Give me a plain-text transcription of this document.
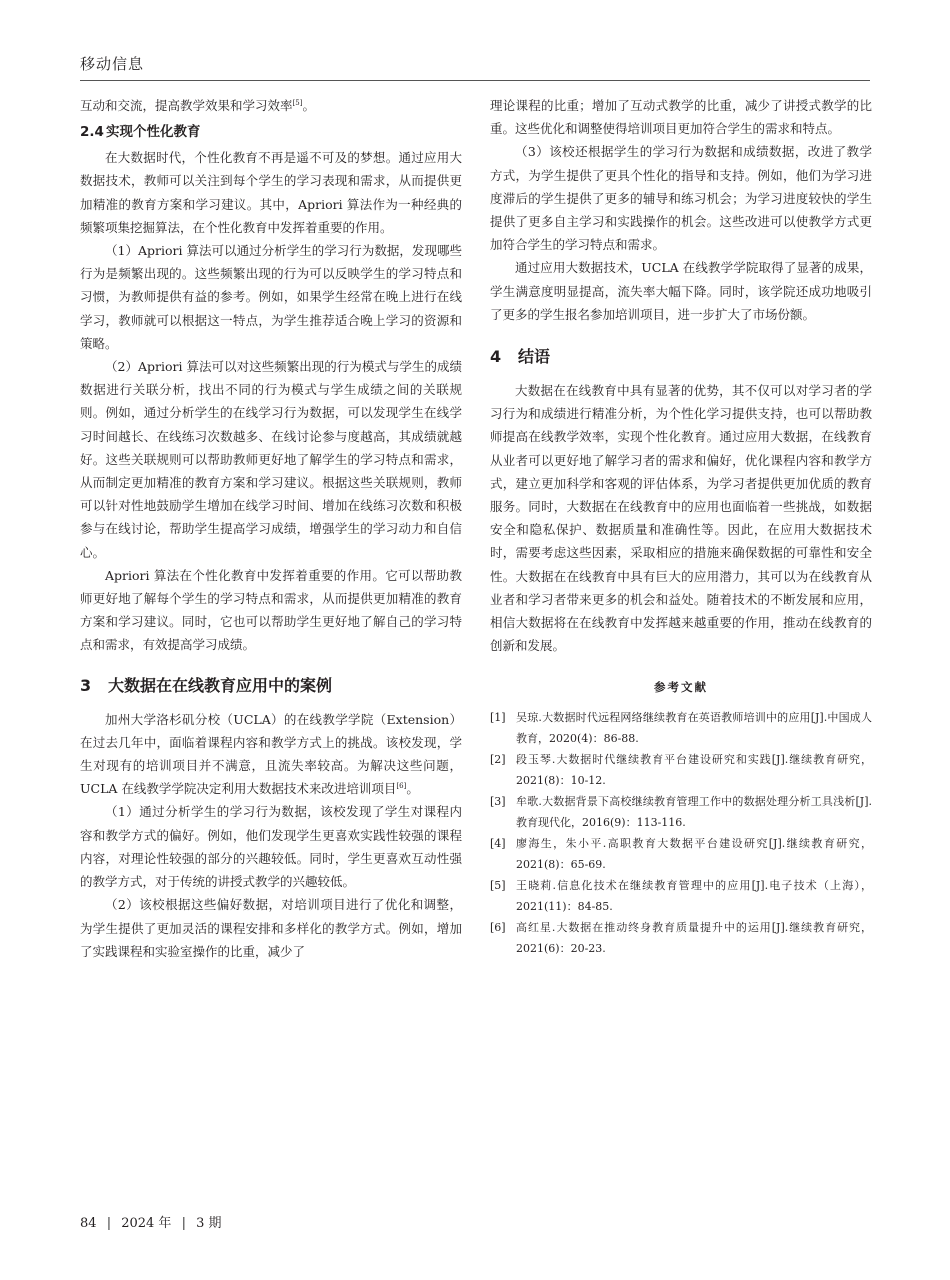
移动信息

互动和交流，提高教学效果和学习效率[5]。

2.4 实现个性化教育

在大数据时代，个性化教育不再是遥不可及的梦想。通过应用大数据技术，教师可以关注到每个学生的学习表现和需求，从而提供更加精准的教育方案和学习建议。其中，Apriori 算法作为一种经典的频繁项集挖掘算法，在个性化教育中发挥着重要的作用。

（1）Apriori 算法可以通过分析学生的学习行为数据，发现哪些行为是频繁出现的。这些频繁出现的行为可以反映学生的学习特点和习惯，为教师提供有益的参考。例如，如果学生经常在晚上进行在线学习，教师就可以根据这一特点，为学生推荐适合晚上学习的资源和策略。

（2）Apriori 算法可以对这些频繁出现的行为模式与学生的成绩数据进行关联分析，找出不同的行为模式与学生成绩之间的关联规则。例如，通过分析学生的在线学习行为数据，可以发现学生在线学习时间越长、在线练习次数越多、在线讨论参与度越高，其成绩就越好。这些关联规则可以帮助教师更好地了解学生的学习特点和需求，从而制定更加精准的教育方案和学习建议。根据这些关联规则，教师可以针对性地鼓励学生增加在线学习时间、增加在线练习次数和积极参与在线讨论，帮助学生提高学习成绩，增强学生的学习动力和自信心。

Apriori 算法在个性化教育中发挥着重要的作用。它可以帮助教师更好地了解每个学生的学习特点和需求，从而提供更加精准的教育方案和学习建议。同时，它也可以帮助学生更好地了解自己的学习特点和需求，有效提高学习成绩。

3 大数据在在线教育应用中的案例

加州大学洛杉矶分校（UCLA）的在线教学学院（Extension）在过去几年中，面临着课程内容和教学方式上的挑战。该校发现，学生对现有的培训项目并不满意，且流失率较高。为解决这些问题，UCLA 在线教学学院决定利用大数据技术来改进培训项目[6]。

（1）通过分析学生的学习行为数据，该校发现了学生对课程内容和教学方式的偏好。例如，他们发现学生更喜欢实践性较强的课程内容，对理论性较强的部分的兴趣较低。同时，学生更喜欢互动性强的教学方式，对于传统的讲授式教学的兴趣较低。

（2）该校根据这些偏好数据，对培训项目进行了优化和调整，为学生提供了更加灵活的课程安排和多样化的教学方式。例如，增加了实践课程和实验室操作的比重，减少了

理论课程的比重；增加了互动式教学的比重，减少了讲授式教学的比重。这些优化和调整使得培训项目更加符合学生的需求和特点。

（3）该校还根据学生的学习行为数据和成绩数据，改进了教学方式，为学生提供了更具个性化的指导和支持。例如，他们为学习进度滞后的学生提供了更多的辅导和练习机会；为学习进度较快的学生提供了更多自主学习和实践操作的机会。这些改进可以使教学方式更加符合学生的学习特点和需求。

通过应用大数据技术，UCLA 在线教学学院取得了显著的成果，学生满意度明显提高，流失率大幅下降。同时，该学院还成功地吸引了更多的学生报名参加培训项目，进一步扩大了市场份额。

4 结语

大数据在在线教育中具有显著的优势，其不仅可以对学习者的学习行为和成绩进行精准分析，为个性化学习提供支持，也可以帮助教师提高在线教学效率，实现个性化教育。通过应用大数据，在线教育从业者可以更好地了解学习者的需求和偏好，优化课程内容和教学方式，建立更加科学和客观的评估体系，为学习者提供更加优质的教育服务。同时，大数据在在线教育中的应用也面临着一些挑战，如数据安全和隐私保护、数据质量和准确性等。因此，在应用大数据技术时，需要考虑这些因素，采取相应的措施来确保数据的可靠性和安全性。大数据在在线教育中具有巨大的应用潜力，其可以为在线教育从业者和学习者带来更多的机会和益处。随着技术的不断发展和应用，相信大数据将在在线教育中发挥越来越重要的作用，推动在线教育的创新和发展。

参考文献
[1] 吴琼.大数据时代远程网络继续教育在英语教师培训中的应用[J].中国成人教育，2020(4)：86-88.
[2] 段玉琴.大数据时代继续教育平台建设研究和实践[J].继续教育研究，2021(8)：10-12.
[3] 牟歌.大数据背景下高校继续教育管理工作中的数据处理分析工具浅析[J].教育现代化，2016(9)：113-116.
[4] 廖海生，朱小平.高职教育大数据平台建设研究[J].继续教育研究，2021(8)：65-69.
[5] 王晓莉.信息化技术在继续教育管理中的应用[J].电子技术（上海），2021(11)：84-85.
[6] 高红星.大数据在推动终身教育质量提升中的运用[J].继续教育研究，2021(6)：20-23.
84 | 2024 年 | 3 期
